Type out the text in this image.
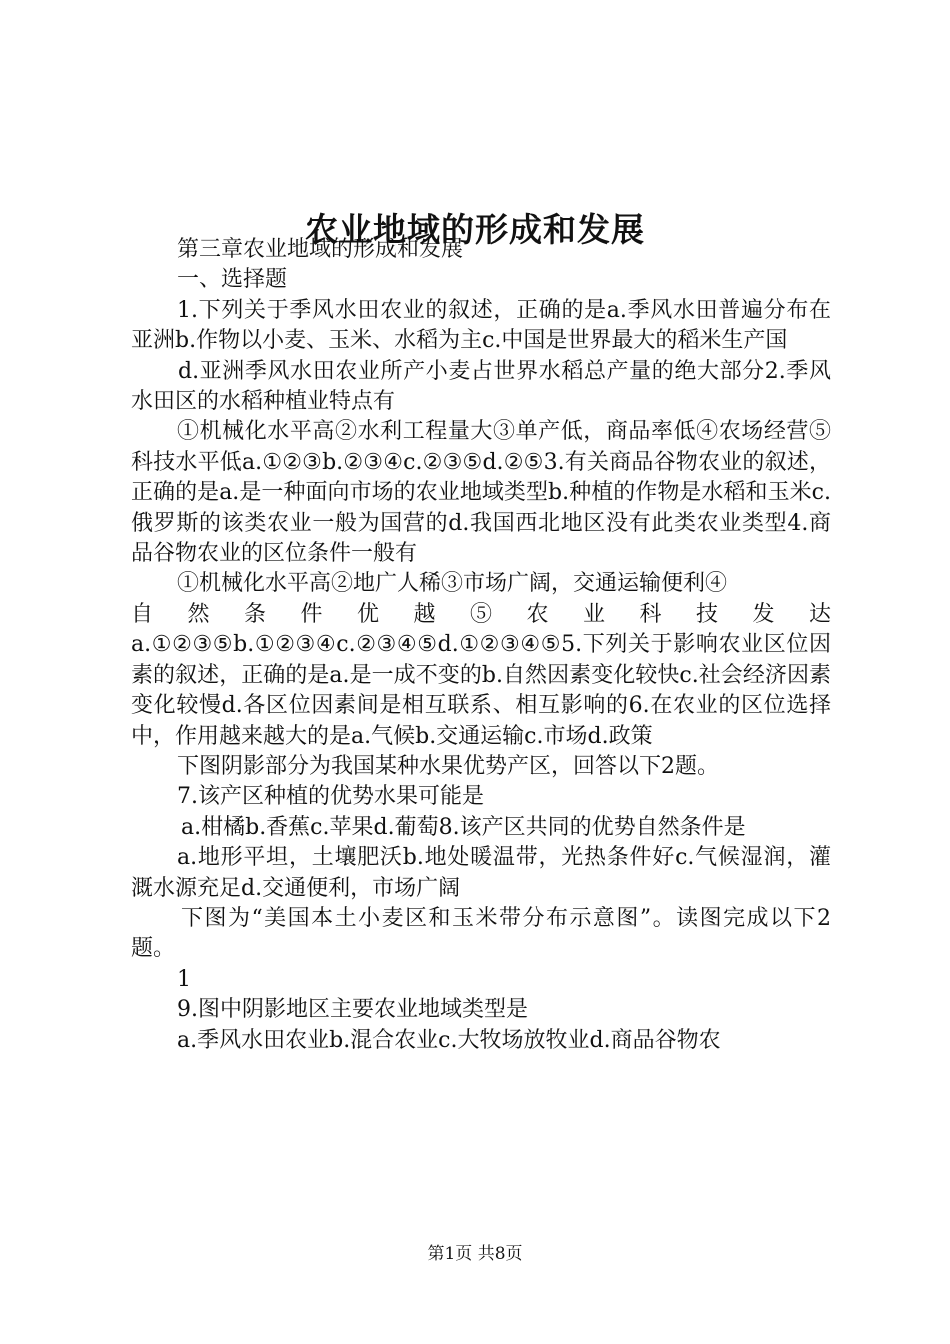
农业地域的形成和发展

第三章农业地域的形成和发展

一、选择题

1.下列关于季风水田农业的叙述，正确的是a.季风水田普遍分布在亚洲b.作物以小麦、玉米、水稻为主c.中国是世界最大的稻米生产国

d.亚洲季风水田农业所产小麦占世界水稻总产量的绝大部分2.季风水田区的水稻种植业特点有

①机械化水平高②水利工程量大③单产低，商品率低④农场经营⑤科技水平低a.①②③b.②③④c.②③⑤d.②⑤3.有关商品谷物农业的叙述，正确的是a.是一种面向市场的农业地域类型b.种植的作物是水稻和玉米c.俄罗斯的该类农业一般为国营的d.我国西北地区没有此类农业类型4.商品谷物农业的区位条件一般有

①机械化水平高②地广人稀③市场广阔，交通运输便利④

自然条件优越⑤农业科技发达

a.①②③⑤b.①②③④c.②③④⑤d.①②③④⑤5.下列关于影响农业区位因素的叙述，正确的是a.是一成不变的b.自然因素变化较快c.社会经济因素变化较慢d.各区位因素间是相互联系、相互影响的6.在农业的区位选择中，作用越来越大的是a.气候b.交通运输c.市场d.政策

下图阴影部分为我国某种水果优势产区，回答以下2题。

7.该产区种植的优势水果可能是

a.柑橘b.香蕉c.苹果d.葡萄8.该产区共同的优势自然条件是

a.地形平坦，土壤肥沃b.地处暖温带，光热条件好c.气候湿润，灌溉水源充足d.交通便利，市场广阔

下图为“美国本土小麦区和玉米带分布示意图”。读图完成以下2题。

1

9.图中阴影地区主要农业地域类型是

a.季风水田农业b.混合农业c.大牧场放牧业d.商品谷物农

第1页 共8页
